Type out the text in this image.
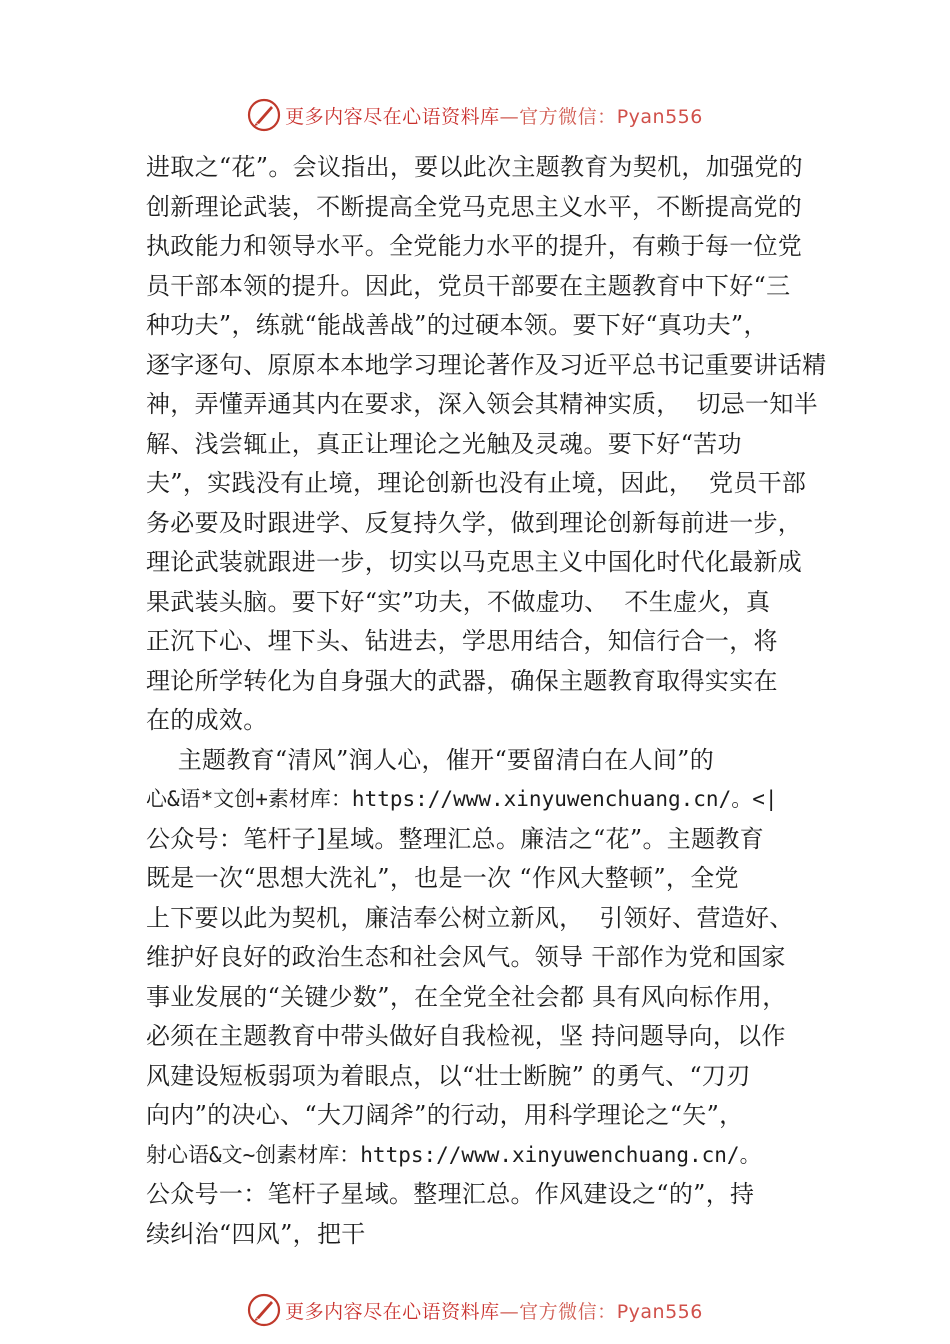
更多内容尽在心语资料库—官方微信：Pyan556
进取之“花”。会议指出，要以此次主题教育为契机，加强党的
创新理论武装，不断提高全党马克思主义水平，不断提高党的
执政能力和领导水平。全党能力水平的提升，有赖于每一位党
员干部本领的提升。因此，党员干部要在主题教育中下好“三
种功夫”，练就“能战善战”的过硬本领。要下好“真功夫”，
逐字逐句、原原本本地学习理论著作及习近平总书记重要讲话精
神，弄懂弄通其内在要求，深入领会其精神实质，  切忌一知半
解、浅尝辄止，真正让理论之光触及灵魂。要下好“苦功
夫”，实践没有止境，理论创新也没有止境，因此，  党员干部
务必要及时跟进学、反复持久学，做到理论创新每前进一步，
理论武装就跟进一步，切实以马克思主义中国化时代化最新成
果武装头脑。要下好“实”功夫，不做虚功、  不生虚火，真
正沉下心、埋下头、钻进去，学思用结合，知信行合一，将
理论所学转化为自身强大的武器，确保主题教育取得实实在
在的成效。
主题教育“清风”润人心，催开“要留清白在人间”的
心&语*文创+素材库：https://www.xinyuwenchuang.cn/。<|
公众号：笔杆子]星域。整理汇总。廉洁之“花”。主题教育
既是一次“思想大洗礼”，也是一次 “作风大整顿”，全党
上下要以此为契机，廉洁奉公树立新风，  引领好、营造好、
维护好良好的政治生态和社会风气。领导 干部作为党和国家
事业发展的“关键少数”，在全党全社会都 具有风向标作用，
必须在主题教育中带头做好自我检视，坚 持问题导向，以作
风建设短板弱项为着眼点，以“壮士断腕” 的勇气、“刀刃
向内”的决心、“大刀阔斧”的行动，用科学理论之“矢”，
射心语&文~创素材库：https://www.xinyuwenchuang.cn/。
公众号一：笔杆子星域。整理汇总。作风建设之“的”，持
续纠治“四风”，把干
更多内容尽在心语资料库—官方微信：Pyan556
